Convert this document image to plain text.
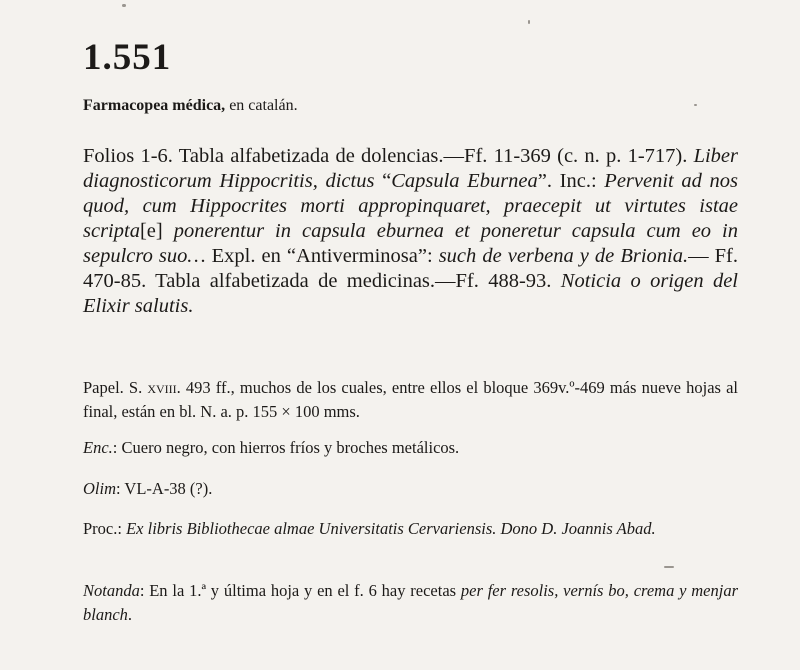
1.551
Farmacopea médica, en catalán.
Folios 1-6. Tabla alfabetizada de dolencias.—Ff. 11-369 (c. n. p. 1-717). Liber diagnosticorum Hippocritis, dictus “Capsula Eburnea”. Inc.: Pervenit ad nos quod, cum Hippocrites morti appropinquaret, praecepit ut virtutes istae scripta[e] ponerentur in capsula eburnea et poneretur capsula cum eo in sepulcro suo… Expl. en “Antiverminosa”: such de verbena y de Brionia.— Ff. 470-85. Tabla alfabetizada de medicinas.—Ff. 488-93. Noticia o origen del Elixir salutis.
Papel. S. xviii. 493 ff., muchos de los cuales, entre ellos el bloque 369v.º-469 más nueve hojas al final, están en bl. N. a. p. 155 × 100 mms.
Enc.: Cuero negro, con hierros fríos y broches metálicos.
Olim: VL-A-38 (?).
Proc.: Ex libris Bibliothecae almae Universitatis Cervariensis. Dono D. Joannis Abad.
Notanda: En la 1.ª y última hoja y en el f. 6 hay recetas per fer resolis, vernís bo, crema y menjar blanch.
